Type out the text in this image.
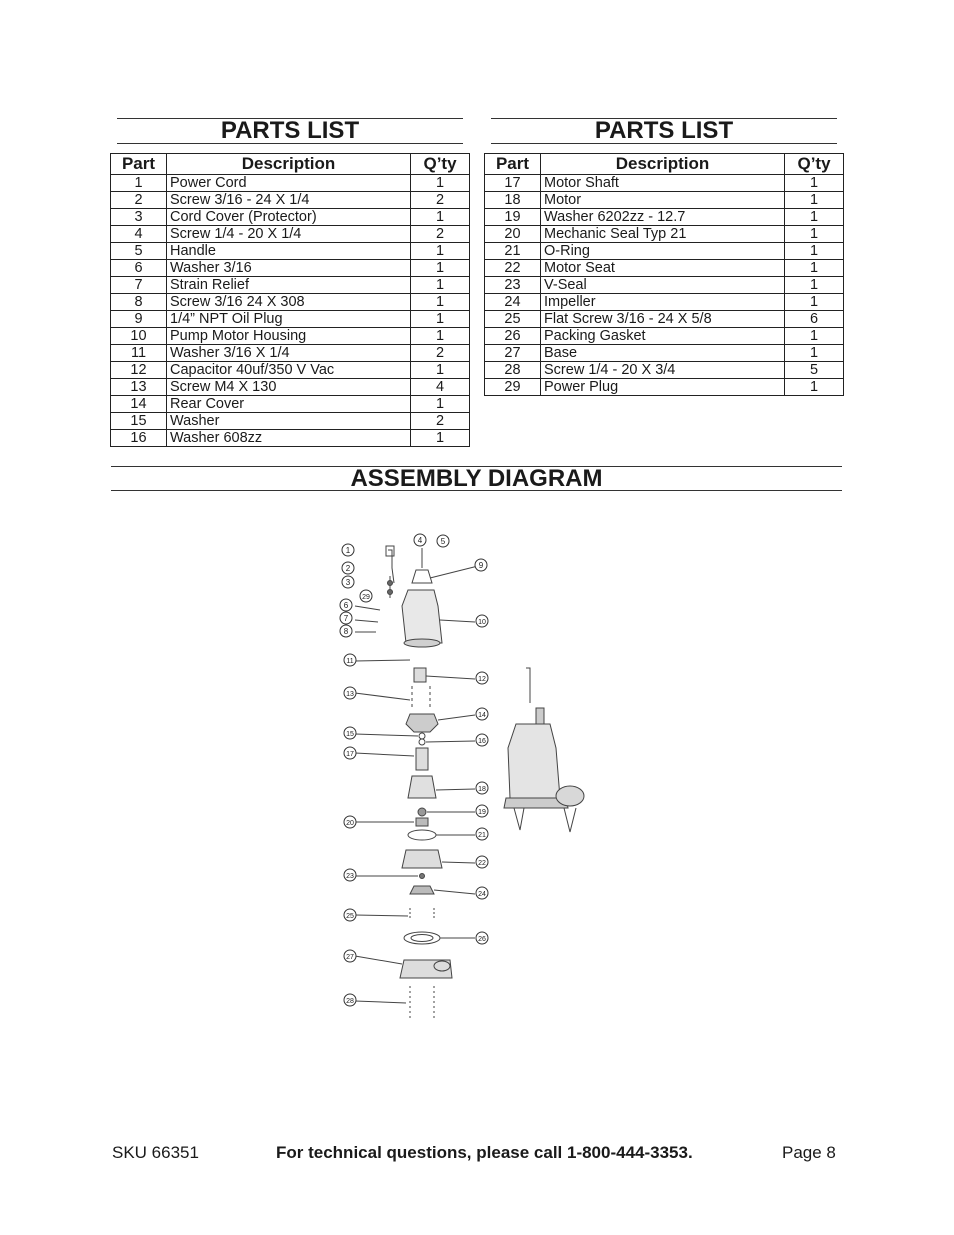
PARTS LIST	PARTS LIST
Part	Description	Q’ty
1	Power Cord	1
2	Screw 3/16 - 24 X 1/4	2
3	Cord Cover (Protector)	1
4	Screw 1/4 - 20 X 1/4	2
5	Handle	1
6	Washer 3/16	1
7	Strain Relief	1
8	Screw 3/16 24 X 308	1
9	1/4” NPT Oil Plug	1
10	Pump Motor Housing	1
11	Washer 3/16 X 1/4	2
12	Capacitor 40uf/350 V Vac	1
13	Screw M4 X 130	4
14	Rear Cover	1
15	Washer	2
16	Washer 608zz	1
Part	Description	Q’ty
17	Motor Shaft	1
18	Motor	1
19	Washer 6202zz - 12.7	1
20	Mechanic Seal Typ 21	1
21	O-Ring	1
22	Motor Seat	1
23	V-Seal	1
24	Impeller	1
25	Flat Screw 3/16 - 24 X 5/8	6
26	Packing Gasket	1
27	Base	1
28	Screw 1/4 - 20 X 3/4	5
29	Power Plug	1
ASSEMBLY DIAGRAM
1
2
3
29
6
7
8
11
13
15
17
20
23
25
27
28
4 5
9
10
12
14
16
18
19
21
22
24
26
SKU 66351	For technical questions, please call 1-800-444-3353.	Page 8
